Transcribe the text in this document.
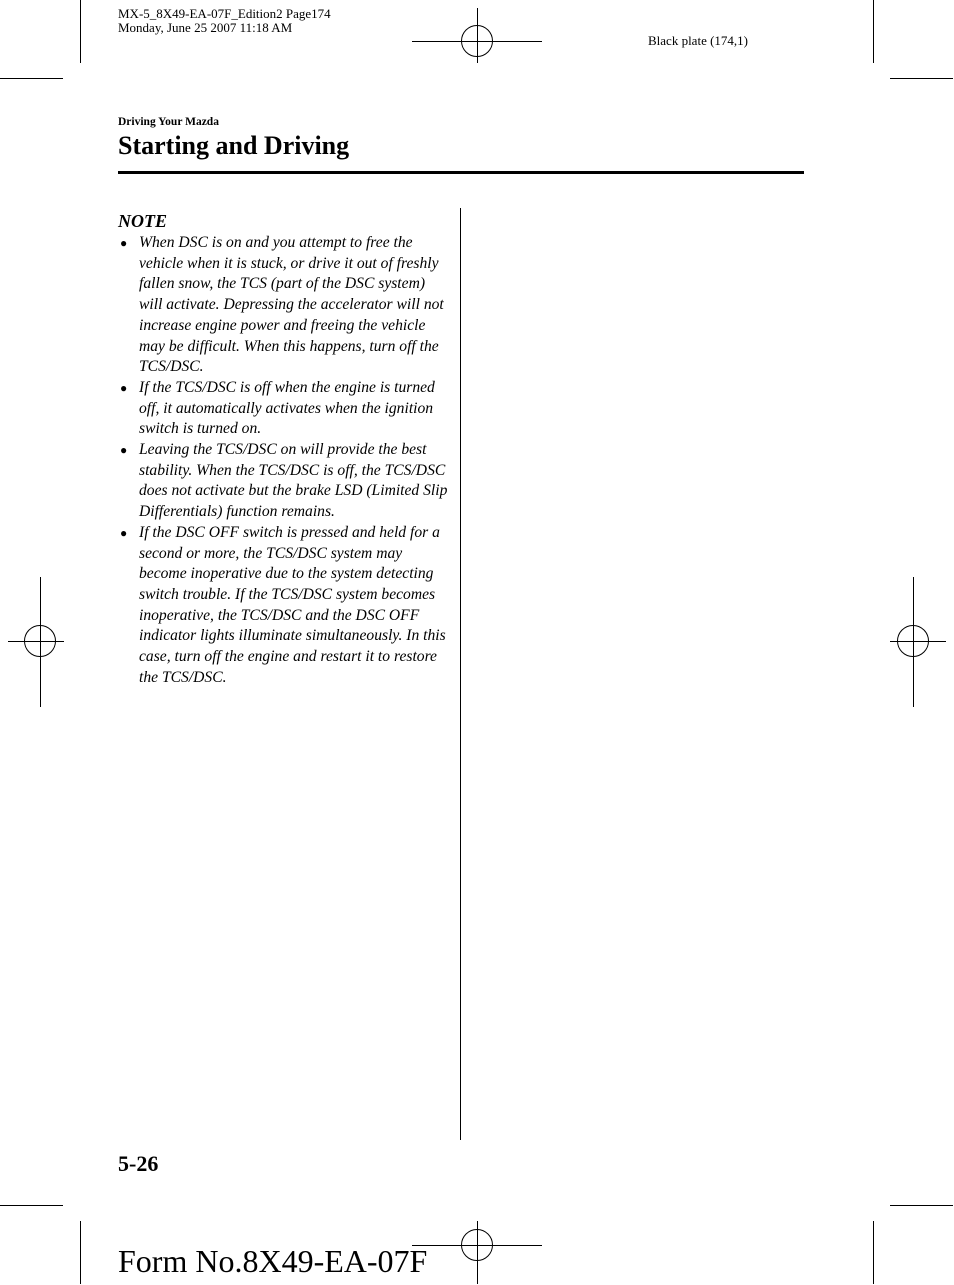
MX-5_8X49-EA-07F_Edition2 Page174
Monday, June 25 2007 11:18 AM
Black plate (174,1)
Driving Your Mazda
Starting and Driving
NOTE
● When DSC is on and you attempt to free the vehicle when it is stuck, or drive it out of freshly fallen snow, the TCS (part of the DSC system) will activate. Depressing the accelerator will not increase engine power and freeing the vehicle may be difficult. When this happens, turn off the TCS/DSC.
● If the TCS/DSC is off when the engine is turned off, it automatically activates when the ignition switch is turned on.
● Leaving the TCS/DSC on will provide the best stability. When the TCS/DSC is off, the TCS/DSC does not activate but the brake LSD (Limited Slip Differentials) function remains.
● If the DSC OFF switch is pressed and held for a second or more, the TCS/DSC system may become inoperative due to the system detecting switch trouble. If the TCS/DSC system becomes inoperative, the TCS/DSC and the DSC OFF indicator lights illuminate simultaneously. In this case, turn off the engine and restart it to restore the TCS/DSC.
5-26
Form No.8X49-EA-07F
